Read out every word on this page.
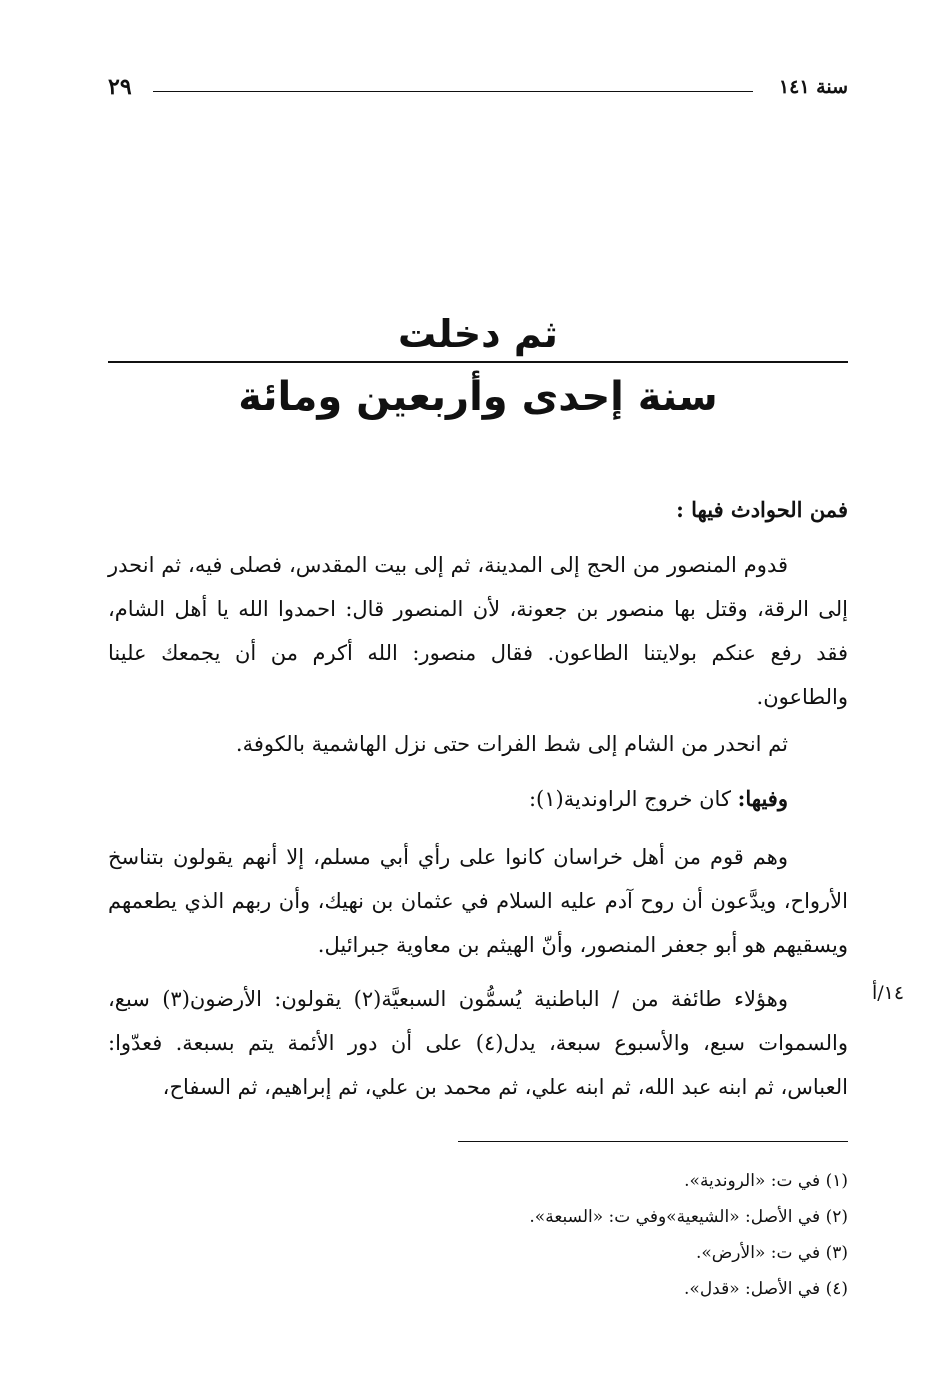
سنة ١٤١
٢٩
ثم دخلت
سنة إحدى وأربعين ومائة
فمن الحوادث فيها :
قدوم المنصور من الحج إلى المدينة، ثم إلى بيت المقدس، فصلى فيه، ثم انحدر إلى الرقة، وقتل بها منصور بن جعونة، لأن المنصور قال: احمدوا الله يا أهل الشام، فقد رفع عنكم بولايتنا الطاعون. فقال منصور: الله أكرم من أن يجمعك علينا والطاعون.
ثم انحدر من الشام إلى شط الفرات حتى نزل الهاشمية بالكوفة.
وفيها: كان خروج الراوندية(١):
وهم قوم من أهل خراسان كانوا على رأي أبي مسلم، إلا أنهم يقولون بتناسخ الأرواح، ويدَّعون أن روح آدم عليه السلام في عثمان بن نهيك، وأن ربهم الذي يطعمهم ويسقيهم هو أبو جعفر المنصور، وأنّ الهيثم بن معاوية جبرائيل.
١٤/أ
وهؤلاء طائفة من / الباطنية يُسمُّون السبعيَّة(٢) يقولون: الأرضون(٣) سبع، والسموات سبع، والأسبوع سبعة، يدل(٤) على أن دور الأئمة يتم بسبعة. فعدّوا: العباس، ثم ابنه عبد الله، ثم ابنه علي، ثم محمد بن علي، ثم إبراهيم، ثم السفاح،
(١) في ت: «الروندية».
(٢) في الأصل: «الشيعية»وفي ت: «السبعة».
(٣) في ت: «الأرض».
(٤) في الأصل: «قدل».
